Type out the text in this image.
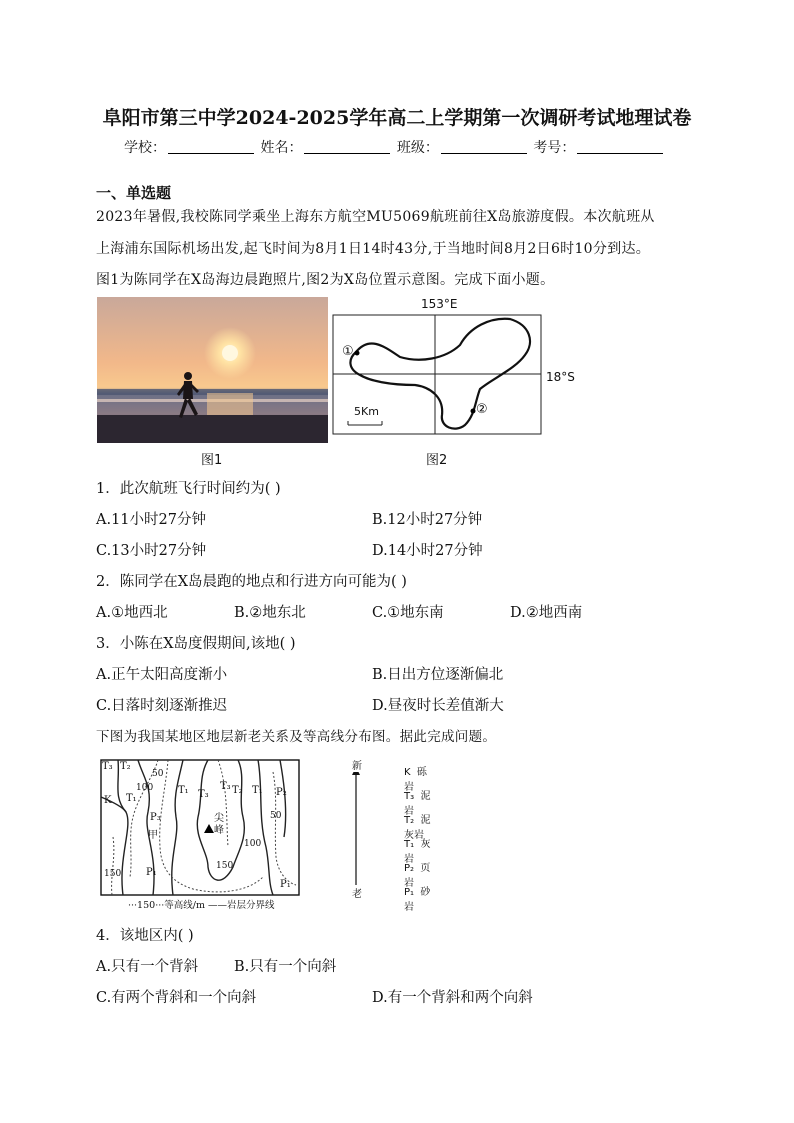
阜阳市第三中学2024-2025学年高二上学期第一次调研考试地理试卷
学校：	姓名：	班级：	考号：
一、单选题
2023年暑假,我校陈同学乘坐上海东方航空MU5069航班前往X岛旅游度假。本次航班从
上海浦东国际机场出发,起飞时间为8月1日14时43分,于当地时间8月2日6时10分到达。
图1为陈同学在X岛海边晨跑照片,图2为X岛位置示意图。完成下面小题。
图1
153°E
18°S
5Km
①
②
图2
1．此次航班飞行时间约为( )
A.11小时27分钟	B.12小时27分钟
C.13小时27分钟	D.14小时27分钟
2．陈同学在X岛晨跑的地点和行进方向可能为( )
A.①地西北	B.②地东北	C.①地东南	D.②地西南
3．小陈在X岛度假期间,该地( )
A.正午太阳高度渐小	B.日出方位逐渐偏北
C.日落时刻逐渐推迟	D.昼夜时长差值渐大
下图为我国某地区地层新老关系及等高线分布图。据此完成问题。
T₃ T₂
K T₁
P₃
甲
T₁ T₃
T₃ T₂ T₁ P₂
尖
峰
P₁
P₁
50
100
150
150
100
50
···150···等高线/m ——岩层分界线
K 砾岩
T₃ 泥岩
T₂ 泥灰岩
T₁ 灰岩
P₂ 页岩
P₁ 砂岩
新
老
4．该地区内( )
A.只有一个背斜 B.只有一个向斜
C.有两个背斜和一个向斜	D.有一个背斜和两个向斜
